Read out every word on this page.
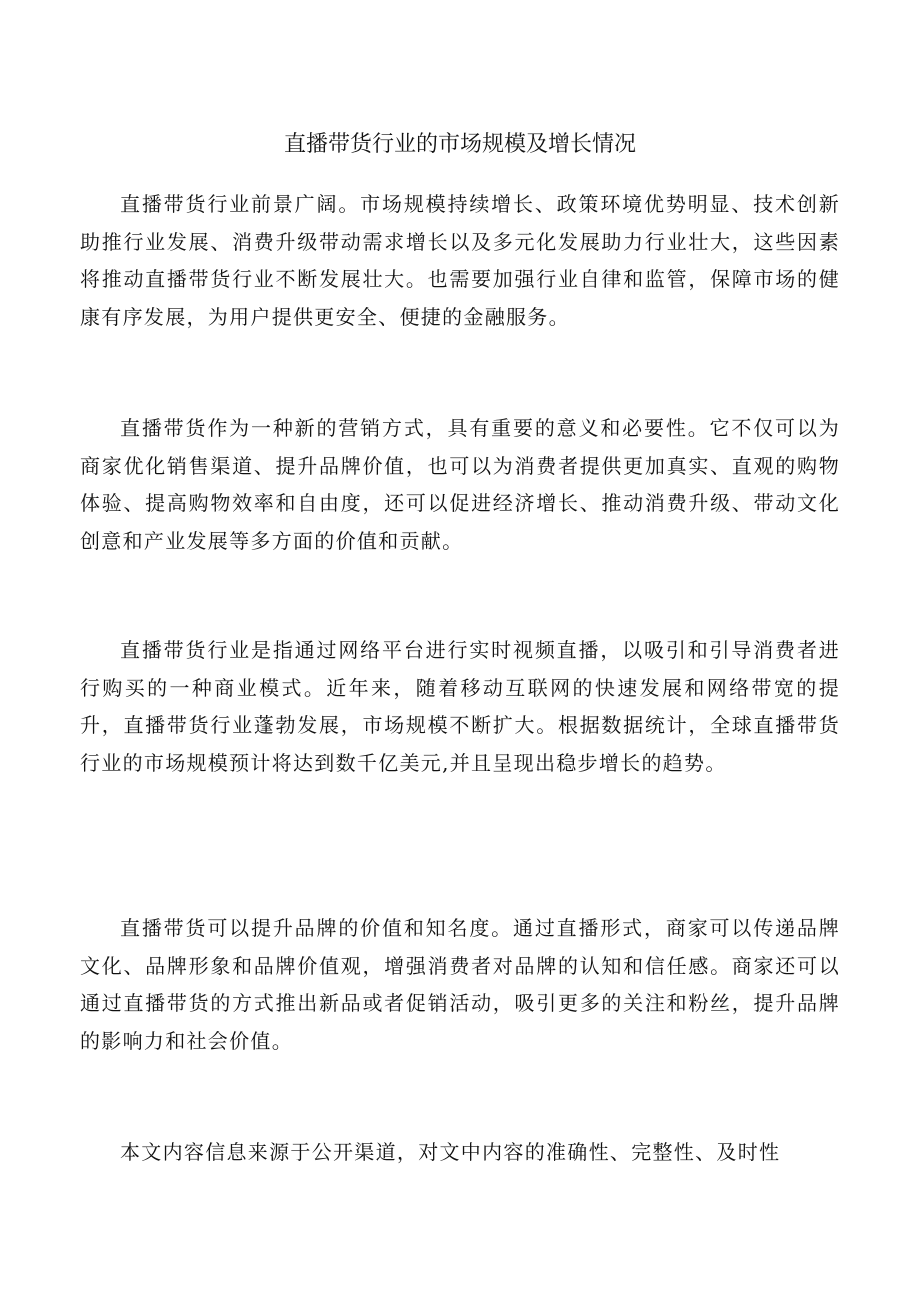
直播带货行业的市场规模及增长情况

直播带货行业前景广阔。市场规模持续增长、政策环境优势明显、技术创新助推行业发展、消费升级带动需求增长以及多元化发展助力行业壮大，这些因素将推动直播带货行业不断发展壮大。也需要加强行业自律和监管，保障市场的健康有序发展，为用户提供更安全、便捷的金融服务。

直播带货作为一种新的营销方式，具有重要的意义和必要性。它不仅可以为商家优化销售渠道、提升品牌价值，也可以为消费者提供更加真实、直观的购物体验、提高购物效率和自由度，还可以促进经济增长、推动消费升级、带动文化创意和产业发展等多方面的价值和贡献。

直播带货行业是指通过网络平台进行实时视频直播，以吸引和引导消费者进行购买的一种商业模式。近年来，随着移动互联网的快速发展和网络带宽的提升，直播带货行业蓬勃发展，市场规模不断扩大。根据数据统计，全球直播带货行业的市场规模预计将达到数千亿美元,并且呈现出稳步增长的趋势。

直播带货可以提升品牌的价值和知名度。通过直播形式，商家可以传递品牌文化、品牌形象和品牌价值观，增强消费者对品牌的认知和信任感。商家还可以通过直播带货的方式推出新品或者促销活动，吸引更多的关注和粉丝，提升品牌的影响力和社会价值。

本文内容信息来源于公开渠道，对文中内容的准确性、完整性、及时性
